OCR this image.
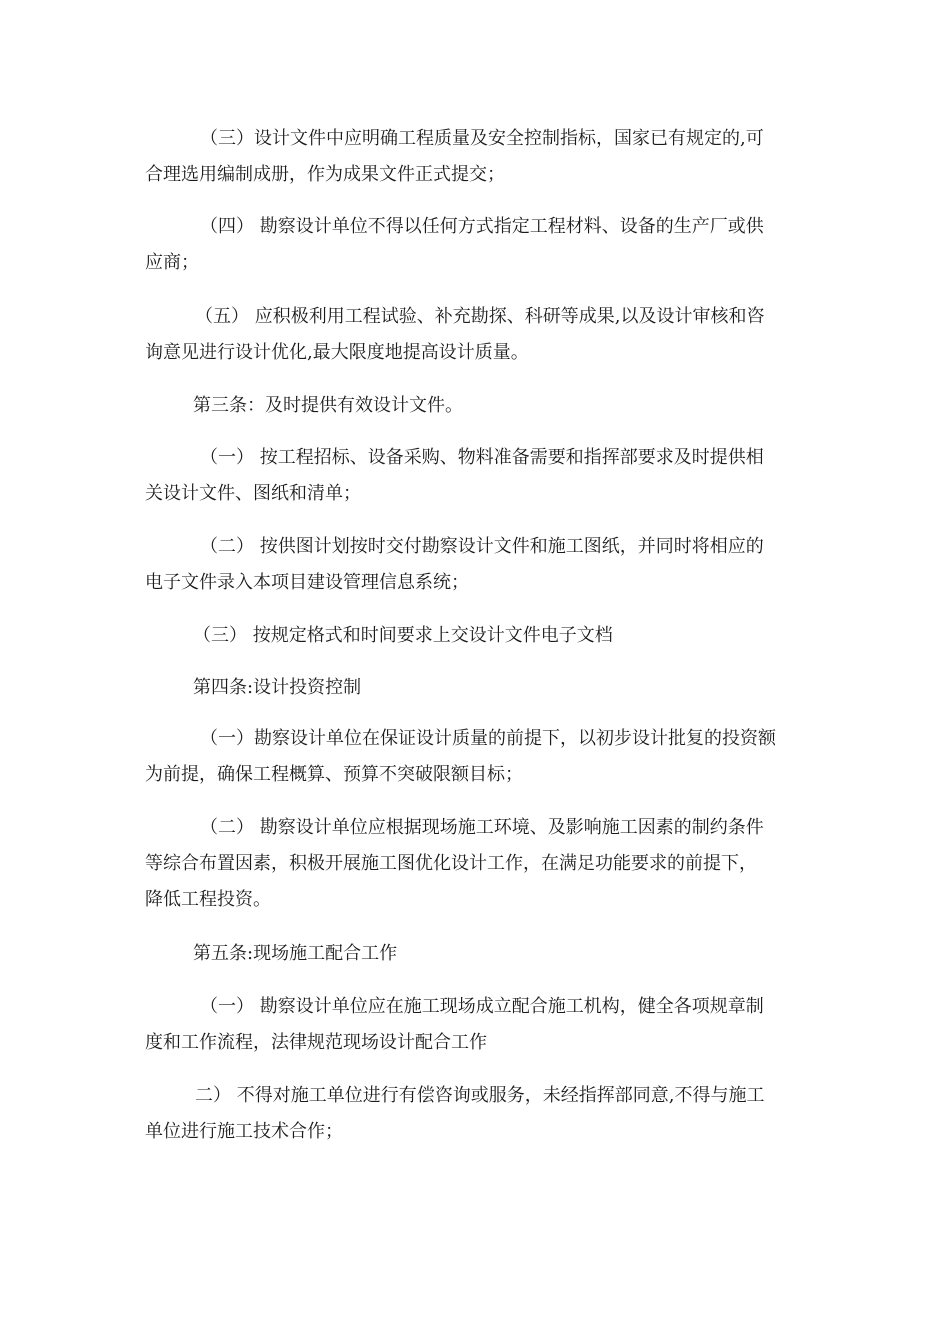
（三）设计文件中应明确工程质量及安全控制指标，国家已有规定的,可
合理选用编制成册，作为成果文件正式提交；

（四） 勘察设计单位不得以任何方式指定工程材料、设备的生产厂或供
应商；

（五） 应积极利用工程试验、补充勘探、科研等成果,以及设计审核和咨
询意见进行设计优化,最大限度地提高设计质量。

第三条：及时提供有效设计文件。

（一） 按工程招标、设备采购、物料准备需要和指挥部要求及时提供相
关设计文件、图纸和清单；

（二） 按供图计划按时交付勘察设计文件和施工图纸，并同时将相应的
电子文件录入本项目建设管理信息系统；

（三） 按规定格式和时间要求上交设计文件电子文档

第四条:设计投资控制

（一）勘察设计单位在保证设计质量的前提下，以初步设计批复的投资额
为前提，确保工程概算、预算不突破限额目标；

（二） 勘察设计单位应根据现场施工环境、及影响施工因素的制约条件
等综合布置因素，积极开展施工图优化设计工作，在满足功能要求的前提下，
降低工程投资。

第五条:现场施工配合工作

（一） 勘察设计单位应在施工现场成立配合施工机构，健全各项规章制
度和工作流程，法律规范现场设计配合工作

二） 不得对施工单位进行有偿咨询或服务，未经指挥部同意,不得与施工
单位进行施工技术合作；
